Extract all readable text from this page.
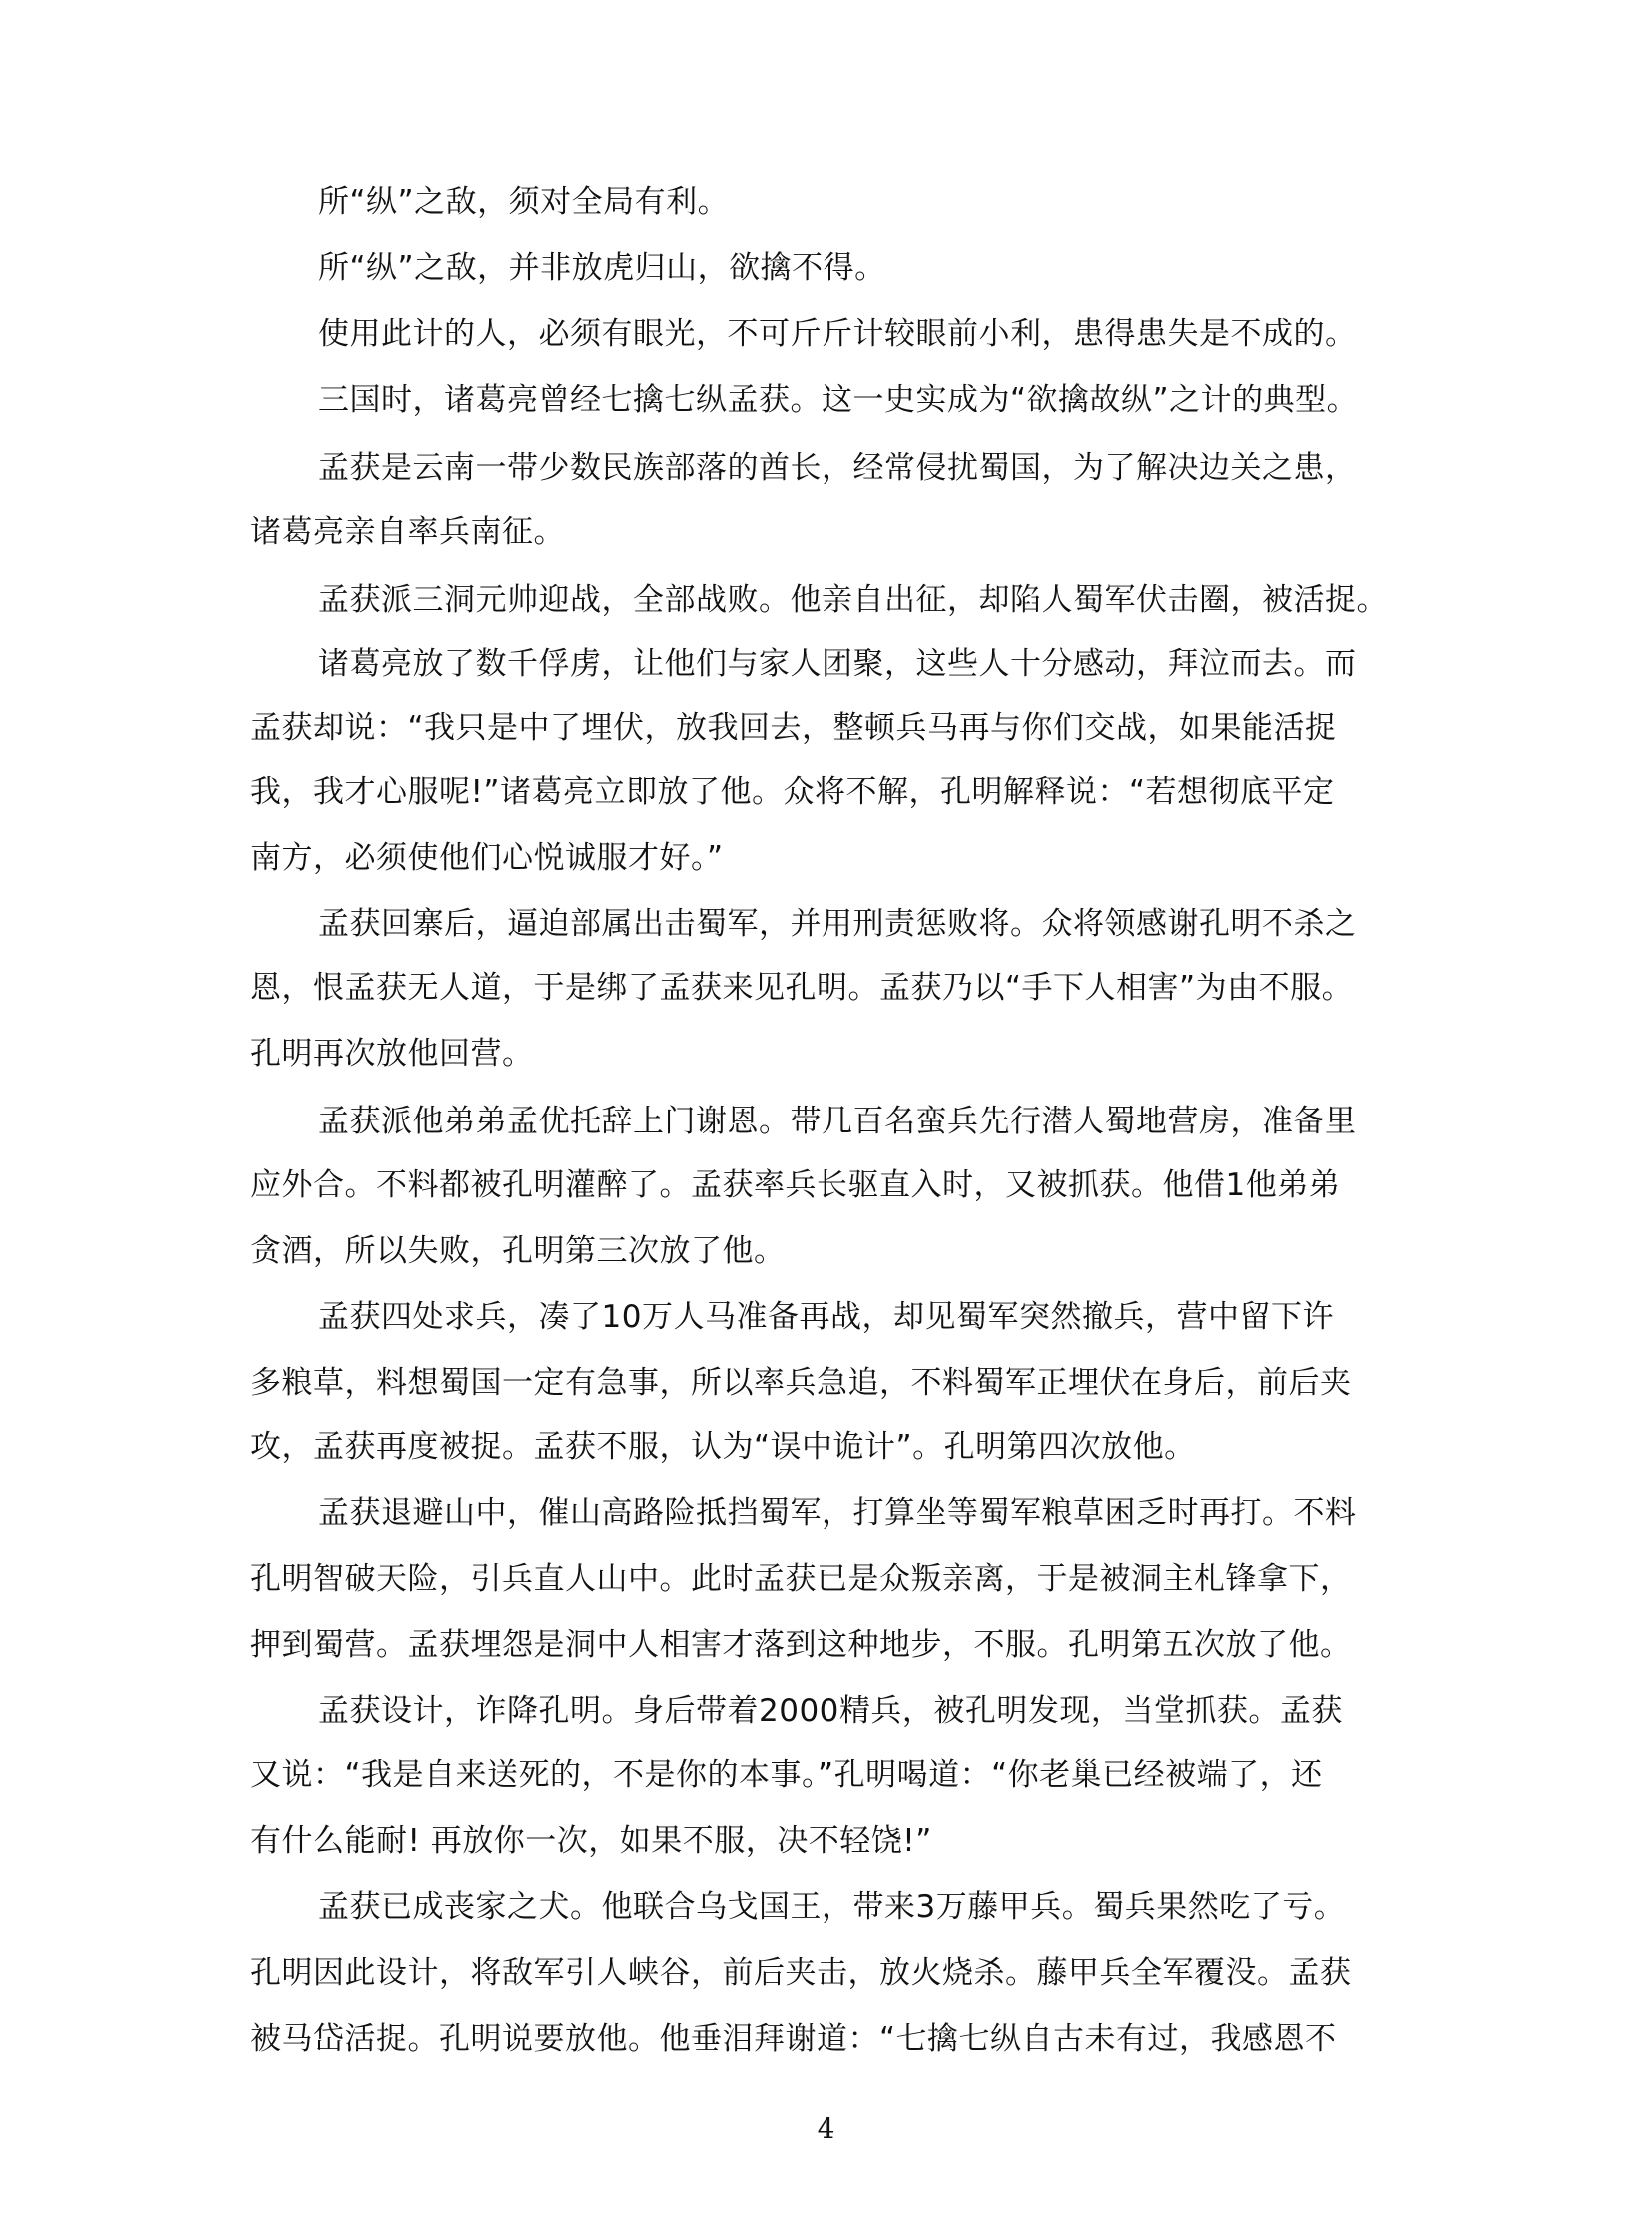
所“纵”之敌，须对全局有利。
所“纵”之敌，并非放虎归山，欲擒不得。
使用此计的人，必须有眼光，不可斤斤计较眼前小利，患得患失是不成的。
三国时，诸葛亮曾经七擒七纵孟获。这一史实成为“欲擒故纵”之计的典型。
孟获是云南一带少数民族部落的酋长，经常侵扰蜀国，为了解决边关之患，
诸葛亮亲自率兵南征。
孟获派三洞元帅迎战，全部战败。他亲自出征，却陷人蜀军伏击圈，被活捉。
诸葛亮放了数千俘虏，让他们与家人团聚，这些人十分感动，拜泣而去。而
孟获却说：“我只是中了埋伏，放我回去，整顿兵马再与你们交战，如果能活捉
我，我才心服呢!”诸葛亮立即放了他。众将不解，孔明解释说：“若想彻底平定
南方，必须使他们心悦诚服才好。”
孟获回寨后，逼迫部属出击蜀军，并用刑责惩败将。众将领感谢孔明不杀之
恩，恨孟获无人道，于是绑了孟获来见孔明。孟获乃以“手下人相害”为由不服。
孔明再次放他回营。
孟获派他弟弟孟优托辞上门谢恩。带几百名蛮兵先行潜人蜀地营房，准备里
应外合。不料都被孔明灌醉了。孟获率兵长驱直入时，又被抓获。他借1他弟弟
贪酒，所以失败，孔明第三次放了他。
孟获四处求兵，凑了10万人马准备再战，却见蜀军突然撤兵，营中留下许
多粮草，料想蜀国一定有急事，所以率兵急追，不料蜀军正埋伏在身后，前后夹
攻，孟获再度被捉。孟获不服，认为“误中诡计”。孔明第四次放他。
孟获退避山中，催山高路险抵挡蜀军，打算坐等蜀军粮草困乏时再打。不料
孔明智破天险，引兵直人山中。此时孟获已是众叛亲离，于是被洞主札锋拿下，
押到蜀营。孟获埋怨是洞中人相害才落到这种地步，不服。孔明第五次放了他。
孟获设计，诈降孔明。身后带着2000精兵，被孔明发现，当堂抓获。孟获
又说：“我是自来送死的，不是你的本事。”孔明喝道：“你老巢已经被端了，还
有什么能耐! 再放你一次，如果不服，决不轻饶!”
孟获已成丧家之犬。他联合乌戈国王，带来3万藤甲兵。蜀兵果然吃了亏。
孔明因此设计，将敌军引人峡谷，前后夹击，放火烧杀。藤甲兵全军覆没。孟获
被马岱活捉。孔明说要放他。他垂泪拜谢道：“七擒七纵自古未有过，我感恩不
4
